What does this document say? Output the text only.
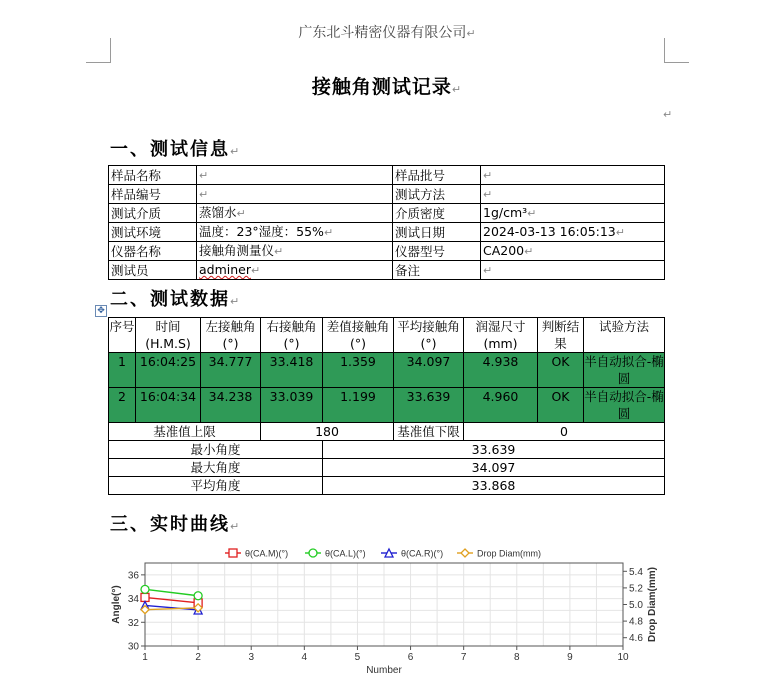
广东北斗精密仪器有限公司↵
接触角测试记录↵
↵
一、测试信息↵
样品名称	↵	样品批号	↵
样品编号	↵	测试方法	↵
测试介质	蒸馏水↵	介质密度	1g/cm³↵
测试环境	温度：23°湿度：55%↵	测试日期	2024-03-13 16:05:13↵
仪器名称	接触角测量仪↵	仪器型号	CA200↵
测试员	adminer↵	备注	↵
✥
二、测试数据↵
序号	时间(H.M.S)	左接触角(°)	右接触角(°)	差值接触角(°)	平均接触角(°)	润湿尺寸(mm)	判断结果	试验方法
1	16:04:25	34.777	33.418	1.359	34.097	4.938	OK	半自动拟合-椭圆
2	16:04:34	34.238	33.039	1.199	33.639	4.960	OK	半自动拟合-椭圆
基准值上限			180		基准值下限	0		
最小角度				33.639				
最大角度				34.097				
平均角度				33.868				
三、实时曲线↵
1	2	3	4	5	6	7	8	9	10
30
32
34
36
4.6
4.8
5.0
5.2
5.4
Number
Angle(°)	Drop Diam(mm)
θ(CA.M)(°)	θ(CA.L)(°)	θ(CA.R)(°)	Drop Diam(mm)
